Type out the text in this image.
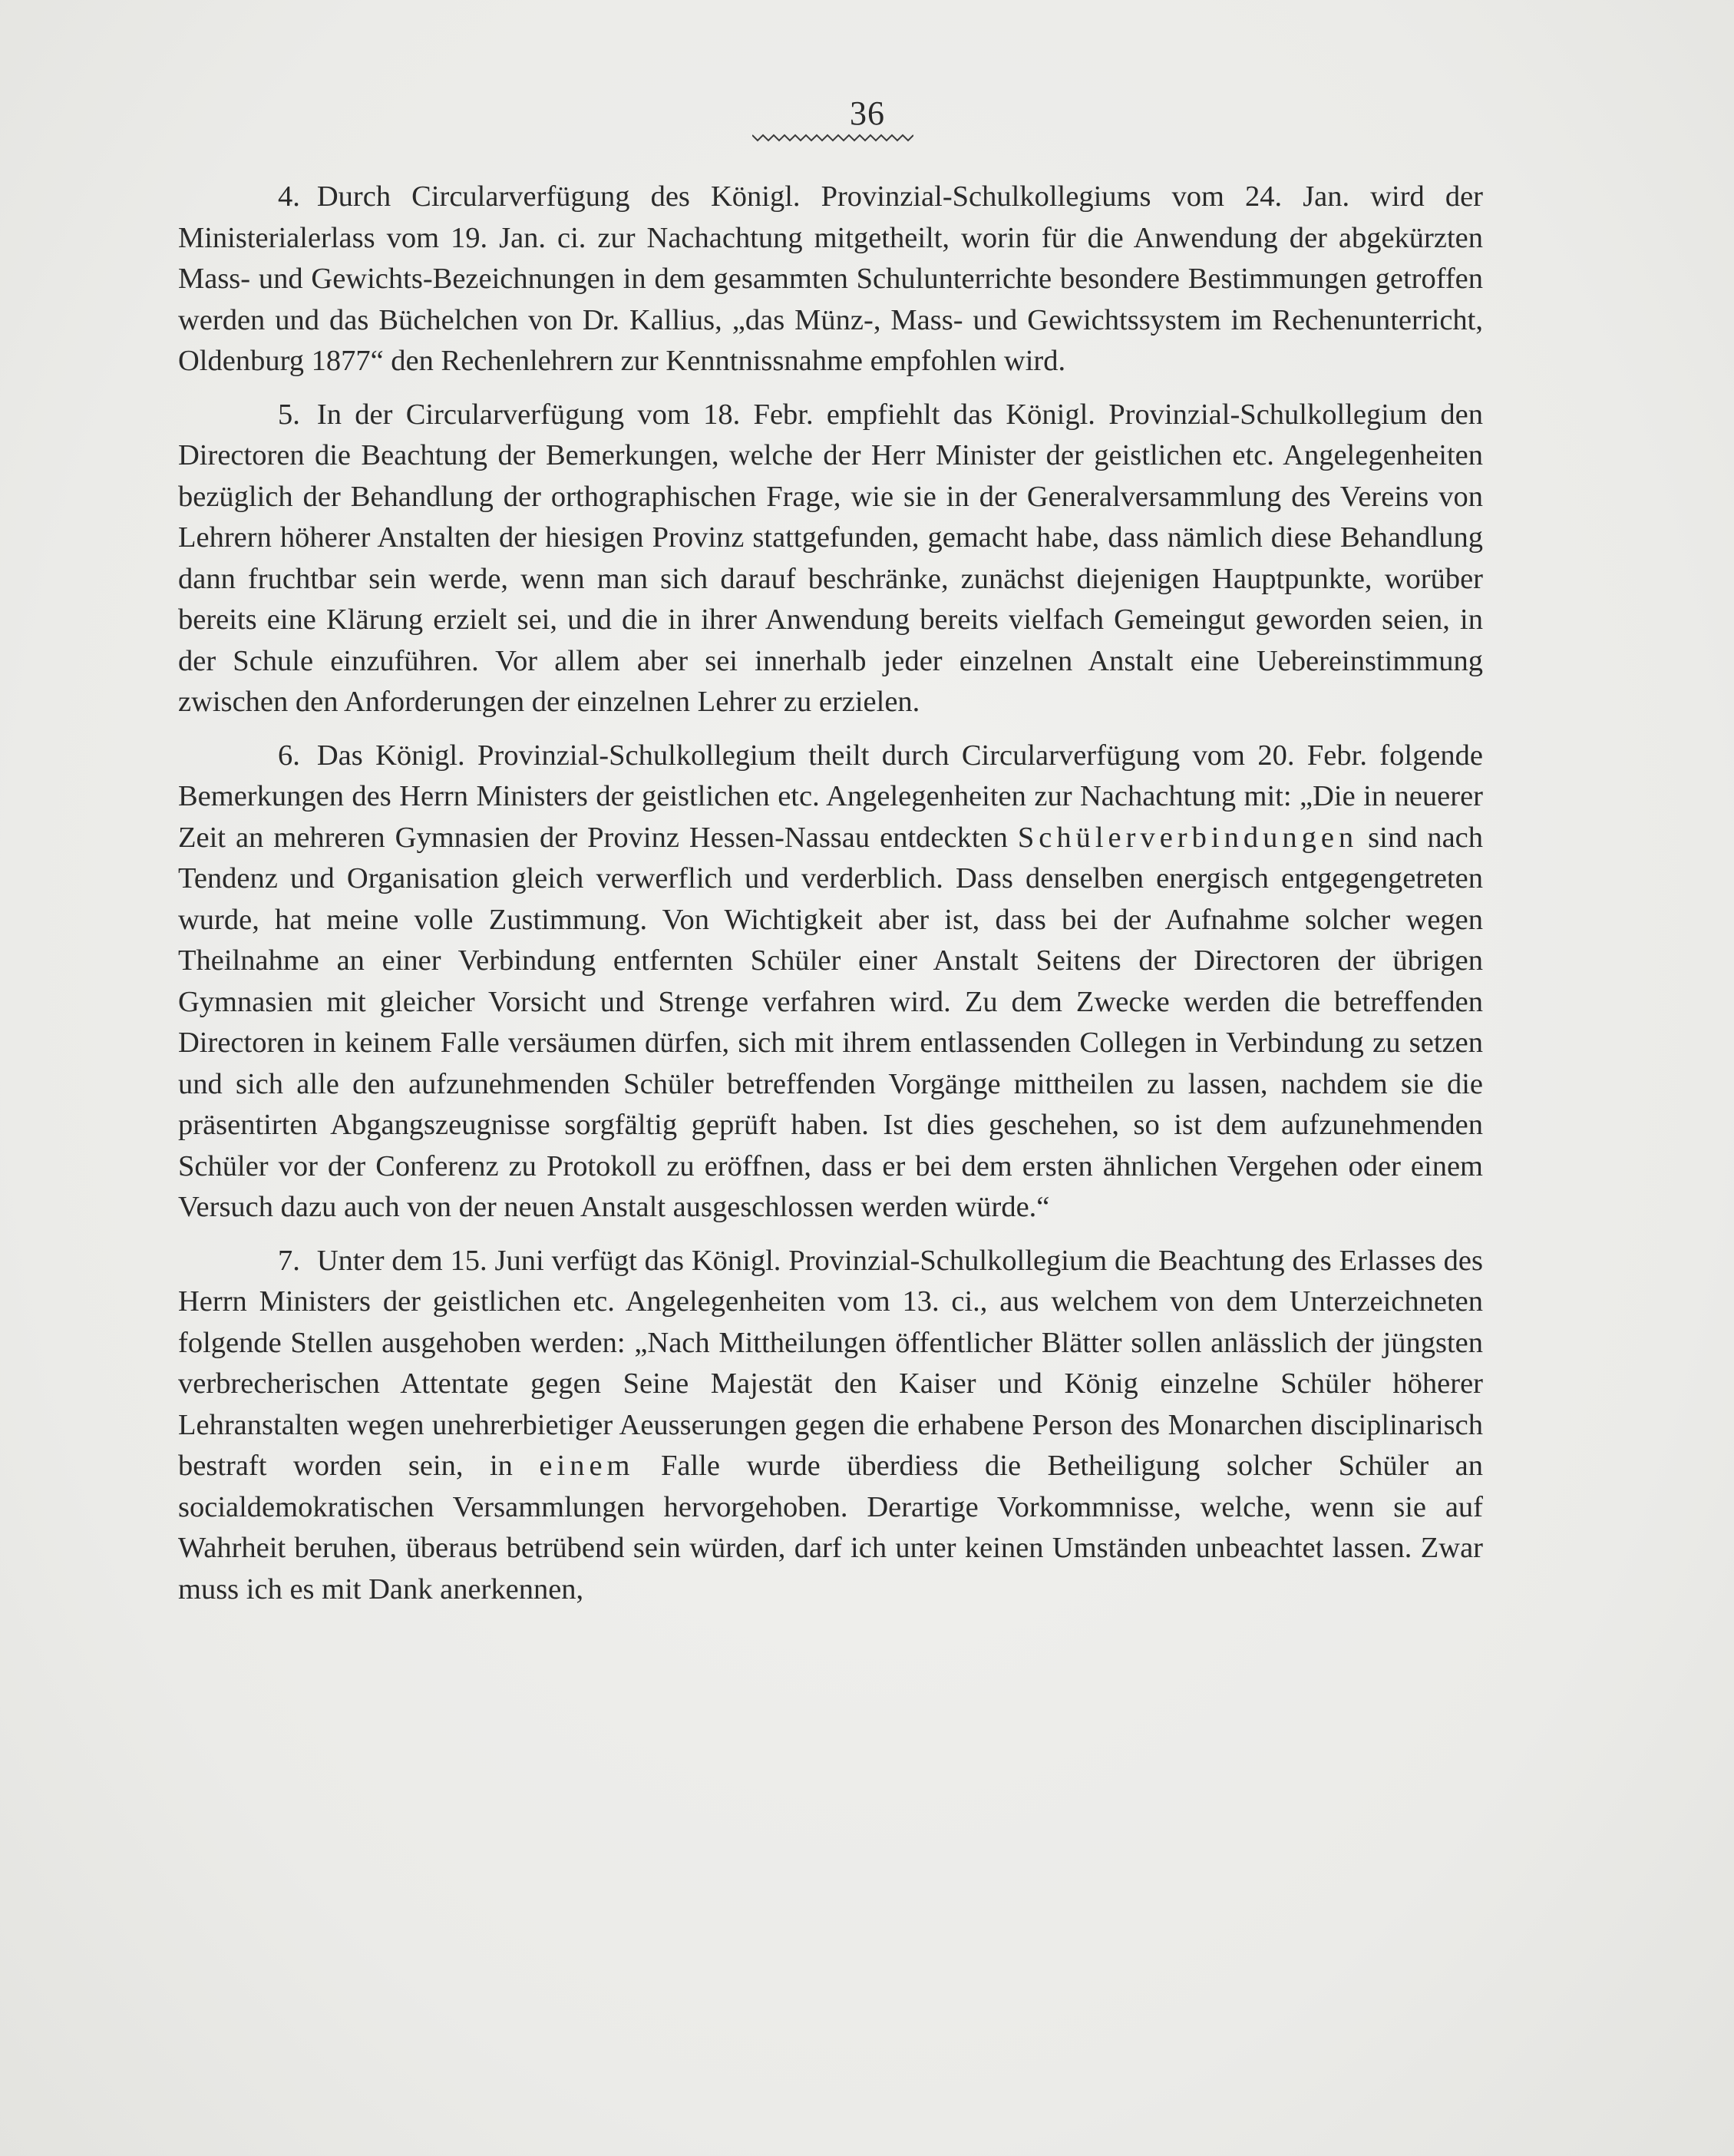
36

4. Durch Circularverfügung des Königl. Provinzial-Schulkollegiums vom 24. Jan. wird der Ministerialerlass vom 19. Jan. ci. zur Nachachtung mitgetheilt, worin für die Anwendung der abgekürzten Mass- und Gewichts-Bezeichnungen in dem gesammten Schulunterrichte besondere Bestimmungen getroffen werden und das Büchelchen von Dr. Kallius, „das Münz-, Mass- und Gewichtssystem im Rechenunterricht, Oldenburg 1877“ den Rechenlehrern zur Kenntnissnahme empfohlen wird.

5. In der Circularverfügung vom 18. Febr. empfiehlt das Königl. Provinzial-Schulkollegium den Directoren die Beachtung der Bemerkungen, welche der Herr Minister der geistlichen etc. Angelegenheiten bezüglich der Behandlung der orthographischen Frage, wie sie in der Generalversammlung des Vereins von Lehrern höherer Anstalten der hiesigen Provinz stattgefunden, gemacht habe, dass nämlich diese Behandlung dann fruchtbar sein werde, wenn man sich darauf beschränke, zunächst diejenigen Hauptpunkte, worüber bereits eine Klärung erzielt sei, und die in ihrer Anwendung bereits vielfach Gemeingut geworden seien, in der Schule einzuführen. Vor allem aber sei innerhalb jeder einzelnen Anstalt eine Uebereinstimmung zwischen den Anforderungen der einzelnen Lehrer zu erzielen.

6. Das Königl. Provinzial-Schulkollegium theilt durch Circularverfügung vom 20. Febr. folgende Bemerkungen des Herrn Ministers der geistlichen etc. Angelegenheiten zur Nachachtung mit: „Die in neuerer Zeit an mehreren Gymnasien der Provinz Hessen-Nassau entdeckten Schülerverbindungen sind nach Tendenz und Organisation gleich verwerflich und verderblich. Dass denselben energisch entgegengetreten wurde, hat meine volle Zustimmung. Von Wichtigkeit aber ist, dass bei der Aufnahme solcher wegen Theilnahme an einer Verbindung entfernten Schüler einer Anstalt Seitens der Directoren der übrigen Gymnasien mit gleicher Vorsicht und Strenge verfahren wird. Zu dem Zwecke werden die betreffenden Directoren in keinem Falle versäumen dürfen, sich mit ihrem entlassenden Collegen in Verbindung zu setzen und sich alle den aufzunehmenden Schüler betreffenden Vorgänge mittheilen zu lassen, nachdem sie die präsentirten Abgangszeugnisse sorgfältig geprüft haben. Ist dies geschehen, so ist dem aufzunehmenden Schüler vor der Conferenz zu Protokoll zu eröffnen, dass er bei dem ersten ähnlichen Vergehen oder einem Versuch dazu auch von der neuen Anstalt ausgeschlossen werden würde.“

7. Unter dem 15. Juni verfügt das Königl. Provinzial-Schulkollegium die Beachtung des Erlasses des Herrn Ministers der geistlichen etc. Angelegenheiten vom 13. ci., aus welchem von dem Unterzeichneten folgende Stellen ausgehoben werden: „Nach Mittheilungen öffentlicher Blätter sollen anlässlich der jüngsten verbrecherischen Attentate gegen Seine Majestät den Kaiser und König einzelne Schüler höherer Lehranstalten wegen unehrerbietiger Aeusserungen gegen die erhabene Person des Monarchen disciplinarisch bestraft worden sein, in einem Falle wurde überdiess die Betheiligung solcher Schüler an socialdemokratischen Versammlungen hervorgehoben. Derartige Vorkommnisse, welche, wenn sie auf Wahrheit beruhen, überaus betrübend sein würden, darf ich unter keinen Umständen unbeachtet lassen. Zwar muss ich es mit Dank anerkennen,
